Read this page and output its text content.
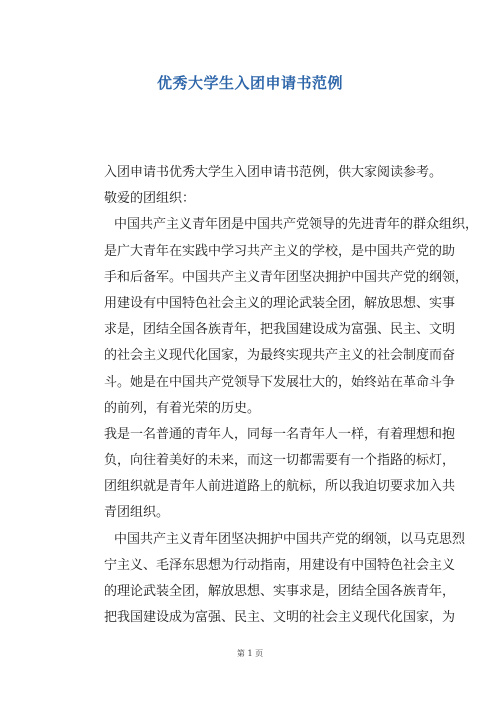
优秀大学生入团申请书范例
入团申请书优秀大学生入团申请书范例，供大家阅读参考。
敬爱的团组织：
中国共产主义青年团是中国共产党领导的先进青年的群众组织，
是广大青年在实践中学习共产主义的学校，是中国共产党的助
手和后备军。中国共产主义青年团坚决拥护中国共产党的纲领，
用建设有中国特色社会主义的理论武装全团，解放思想、实事
求是，团结全国各族青年，把我国建设成为富强、民主、文明
的社会主义现代化国家，为最终实现共产主义的社会制度而奋
斗。她是在中国共产党领导下发展壮大的，始终站在革命斗争
的前列，有着光荣的历史。
我是一名普通的青年人，同每一名青年人一样，有着理想和抱
负，向往着美好的未来，而这一切都需要有一个指路的标灯，
团组织就是青年人前进道路上的航标，所以我迫切要求加入共
青团组织。
中国共产主义青年团坚决拥护中国共产党的纲领，以马克思烈
宁主义、毛泽东思想为行动指南，用建设有中国特色社会主义
的理论武装全团，解放思想、实事求是，团结全国各族青年，
把我国建设成为富强、民主、文明的社会主义现代化国家，为
第 1 页
